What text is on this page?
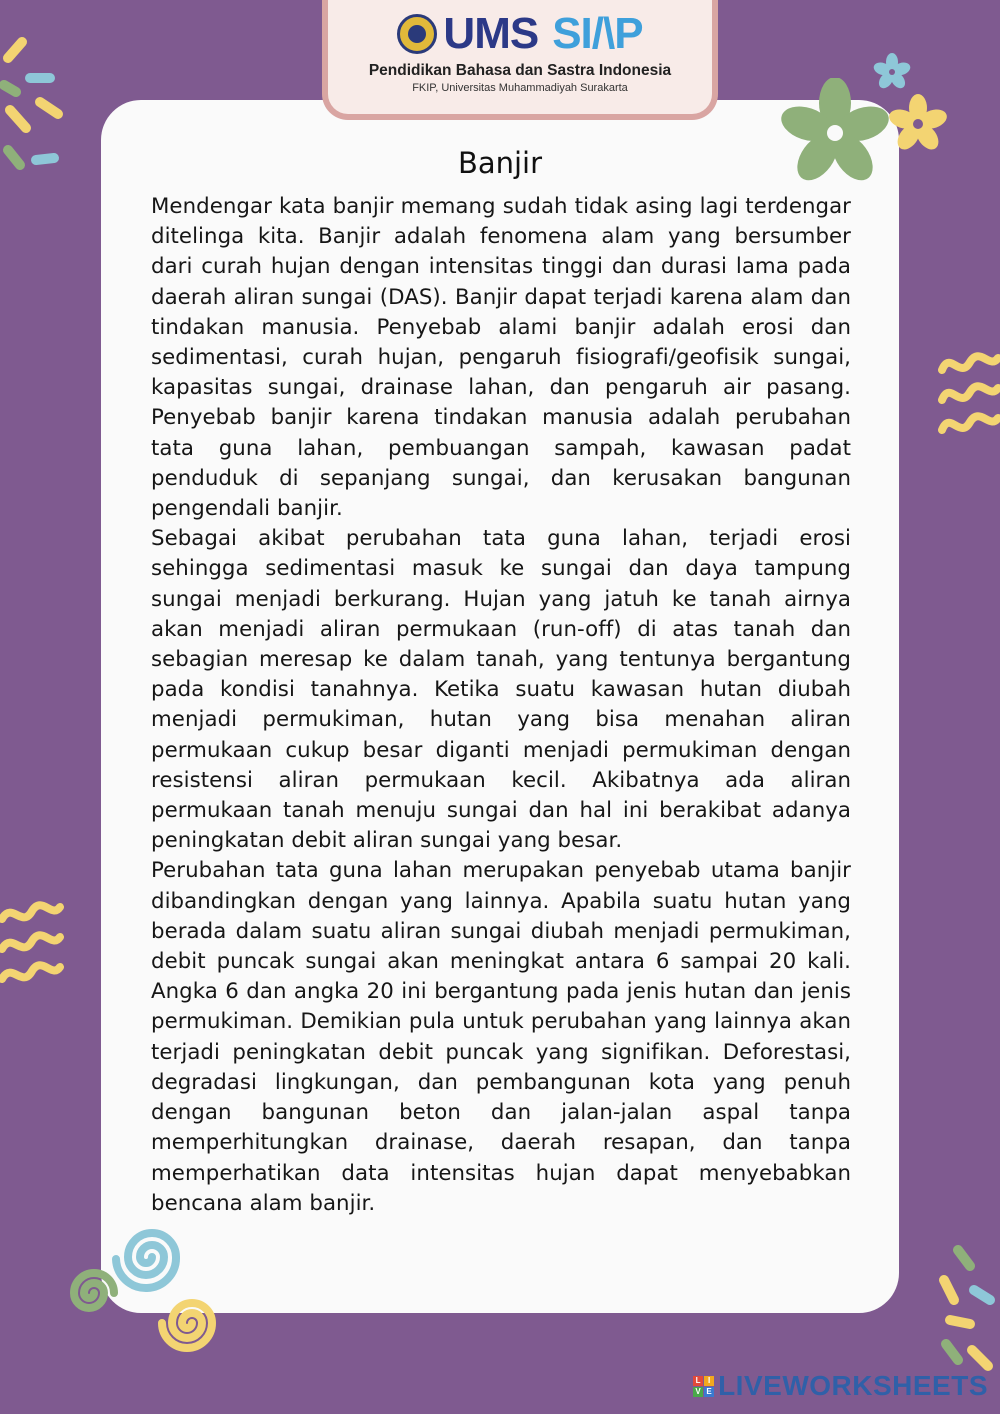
UMS SI/\P
Pendidikan Bahasa dan Sastra Indonesia
FKIP, Universitas Muhammadiyah Surakarta
Banjir

Mendengar kata banjir memang sudah tidak asing lagi terdengar ditelinga kita. Banjir adalah fenomena alam yang bersumber dari curah hujan dengan intensitas tinggi dan durasi lama pada daerah aliran sungai (DAS). Banjir dapat terjadi karena alam dan tindakan manusia. Penyebab alami banjir adalah erosi dan sedimentasi, curah hujan, pengaruh fisiografi/geofisik sungai, kapasitas sungai, drainase lahan, dan pengaruh air pasang. Penyebab banjir karena tindakan manusia adalah perubahan tata guna lahan, pembuangan sampah, kawasan padat penduduk di sepanjang sungai, dan kerusakan bangunan pengendali banjir.

Sebagai akibat perubahan tata guna lahan, terjadi erosi sehingga sedimentasi masuk ke sungai dan daya tampung sungai menjadi berkurang. Hujan yang jatuh ke tanah airnya akan menjadi aliran permukaan (run-off) di atas tanah dan sebagian meresap ke dalam tanah, yang tentunya bergantung pada kondisi tanahnya. Ketika suatu kawasan hutan diubah menjadi permukiman, hutan yang bisa menahan aliran permukaan cukup besar diganti menjadi permukiman dengan resistensi aliran permukaan kecil. Akibatnya ada aliran permukaan tanah menuju sungai dan hal ini berakibat adanya peningkatan debit aliran sungai yang besar.

Perubahan tata guna lahan merupakan penyebab utama banjir dibandingkan dengan yang lainnya. Apabila suatu hutan yang berada dalam suatu aliran sungai diubah menjadi permukiman, debit puncak sungai akan meningkat antara 6 sampai 20 kali. Angka 6 dan angka 20 ini bergantung pada jenis hutan dan jenis permukiman. Demikian pula untuk perubahan yang lainnya akan terjadi peningkatan debit puncak yang signifikan. Deforestasi, degradasi lingkungan, dan pembangunan kota yang penuh dengan bangunan beton dan jalan-jalan aspal tanpa memperhitungkan drainase, daerah resapan, dan tanpa memperhatikan data intensitas hujan dapat menyebabkan bencana alam banjir.

L I
V E LIVEWORKSHEETS
